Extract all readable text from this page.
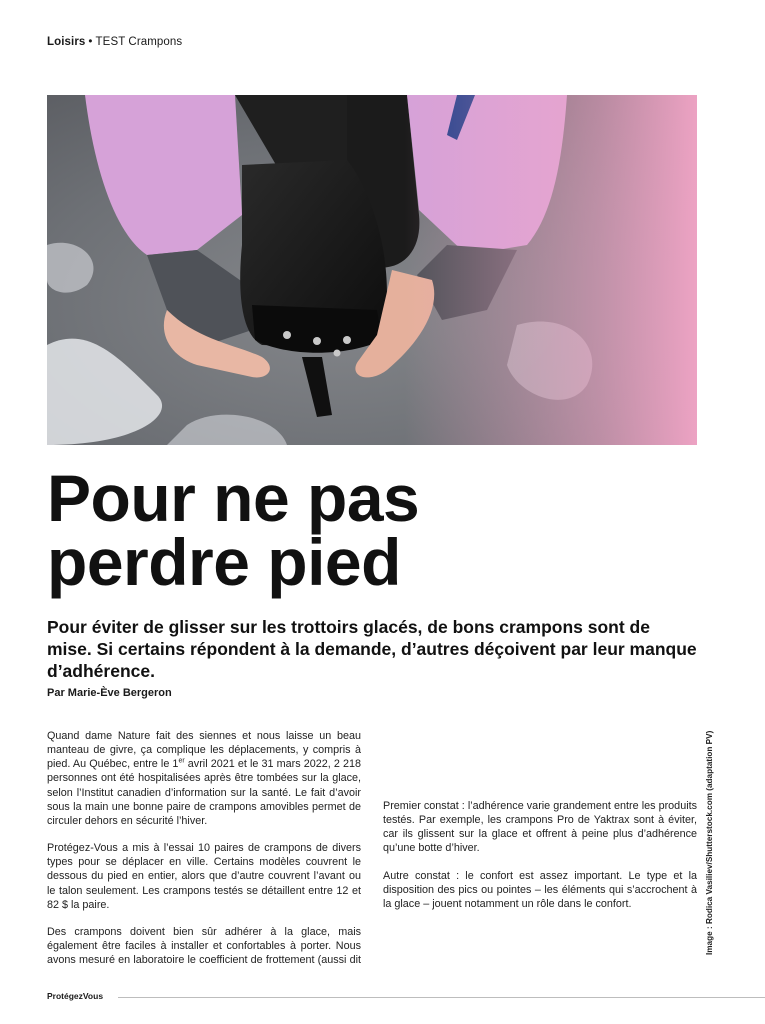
Loisirs • TEST Crampons
Pour ne pas
perdre pied

Pour éviter de glisser sur les trottoirs glacés, de bons crampons sont de mise. Si certains répondent à la demande, d’autres déçoivent par leur manque d’adhérence.

Par Marie-Ève Bergeron

Quand dame Nature fait des siennes et nous laisse un beau manteau de givre, ça complique les déplacements, y compris à pied. Au Québec, entre le 1er avril 2021 et le 31 mars 2022, 2 218 personnes ont été hospitalisées après être tombées sur la glace, selon l’Institut canadien d’information sur la santé. Le fait d’avoir sous la main une bonne paire de crampons amovibles permet de circuler dehors en sécurité l’hiver.

Protégez-Vous a mis à l’essai 10 paires de crampons de divers types pour se déplacer en ville. Certains modèles couvrent le dessous du pied en entier, alors que d’autre couvrent l’avant ou le talon seulement. Les crampons testés se détaillent entre 12 et 82 $ la paire.

Des crampons doivent bien sûr adhérer à la glace, mais également être faciles à installer et confortables à porter. Nous avons mesuré en laboratoire le coefficient de frottement (aussi dit

Premier constat : l’adhérence varie grandement entre les produits testés. Par exemple, les crampons Pro de Yaktrax sont à éviter, car ils glissent sur la glace et offrent à peine plus d’adhérence qu’une botte d’hiver.

Autre constat : le confort est assez important. Le type et la disposition des pics ou pointes – les éléments qui s’accrochent à la glace – jouent notamment un rôle dans le confort.	Image : Rodica Vasiliev/Shutterstock.com (adaptation PV)
ProtégezVous
